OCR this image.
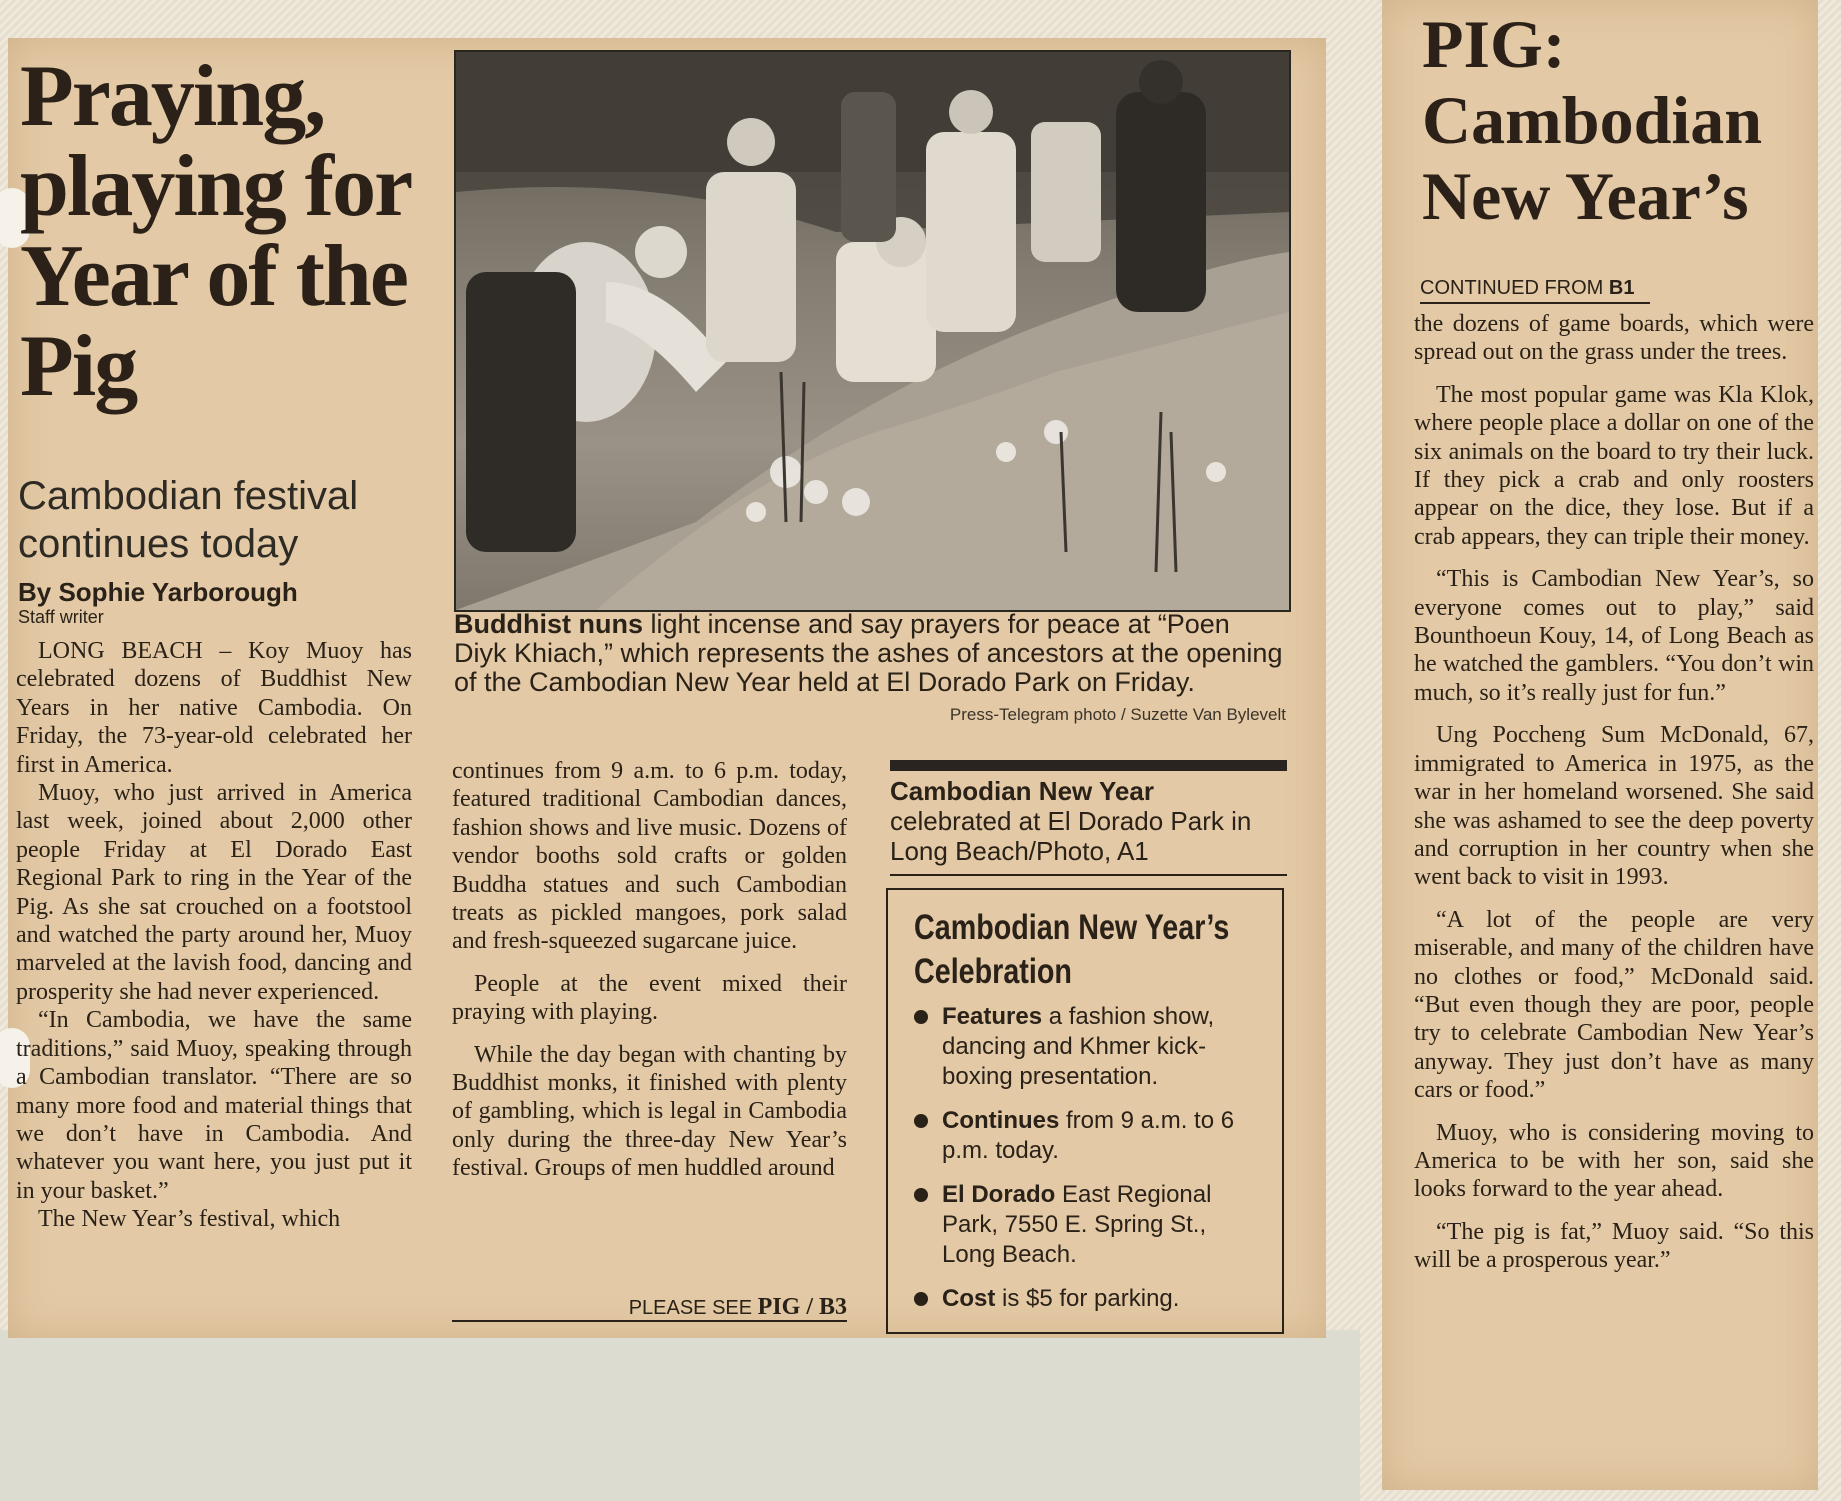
Praying, playing for Year of the Pig
Cambodian festival continues today
By Sophie Yarborough
Staff writer

LONG BEACH – Koy Muoy has celebrated dozens of Buddhist New Years in her native Cambodia. On Friday, the 73-year-old celebrated her first in America.

Muoy, who just arrived in America last week, joined about 2,000 other people Friday at El Dorado East Regional Park to ring in the Year of the Pig. As she sat crouched on a footstool and watched the party around her, Muoy marveled at the lavish food, dancing and prosperity she had never experienced.

“In Cambodia, we have the same traditions,” said Muoy, speaking through a Cambodian translator. “There are so many more food and material things that we don’t have in Cambodia. And whatever you want here, you just put it in your basket.”

The New Year’s festival, which

Buddhist nuns light incense and say prayers for peace at “Poen Diyk Khiach,” which represents the ashes of ancestors at the opening of the Cambodian New Year held at El Dorado Park on Friday.
Press-Telegram photo / Suzette Van Bylevelt

continues from 9 a.m. to 6 p.m. today, featured traditional Cambodian dances, fashion shows and live music. Dozens of vendor booths sold crafts or golden Buddha statues and such Cambodian treats as pickled mangoes, pork salad and fresh-squeezed sugarcane juice.

People at the event mixed their praying with playing.

While the day began with chanting by Buddhist monks, it finished with plenty of gambling, which is legal in Cambodia only during the three-day New Year’s festival. Groups of men huddled around

PLEASE SEE PIG / B3
Cambodian New Year
celebrated at El Dorado Park in Long Beach/Photo, A1
Cambodian New Year’s Celebration
Features a fashion show, dancing and Khmer kick-boxing presentation.
Continues from 9 a.m. to 6 p.m. today.
El Dorado East Regional Park, 7550 E. Spring St., Long Beach.
Cost is $5 for parking.
PIG: Cambodian New Year’s
CONTINUED FROM B1

the dozens of game boards, which were spread out on the grass under the trees.

The most popular game was Kla Klok, where people place a dollar on one of the six animals on the board to try their luck. If they pick a crab and only roosters appear on the dice, they lose. But if a crab appears, they can triple their money.

“This is Cambodian New Year’s, so everyone comes out to play,” said Bounthoeun Kouy, 14, of Long Beach as he watched the gamblers. “You don’t win much, so it’s really just for fun.”

Ung Poccheng Sum McDonald, 67, immigrated to America in 1975, as the war in her homeland worsened. She said she was ashamed to see the deep poverty and corruption in her country when she went back to visit in 1993.

“A lot of the people are very miserable, and many of the children have no clothes or food,” McDonald said. “But even though they are poor, people try to celebrate Cambodian New Year’s anyway. They just don’t have as many cars or food.”

Muoy, who is considering moving to America to be with her son, said she looks forward to the year ahead.

“The pig is fat,” Muoy said. “So this will be a prosperous year.”
